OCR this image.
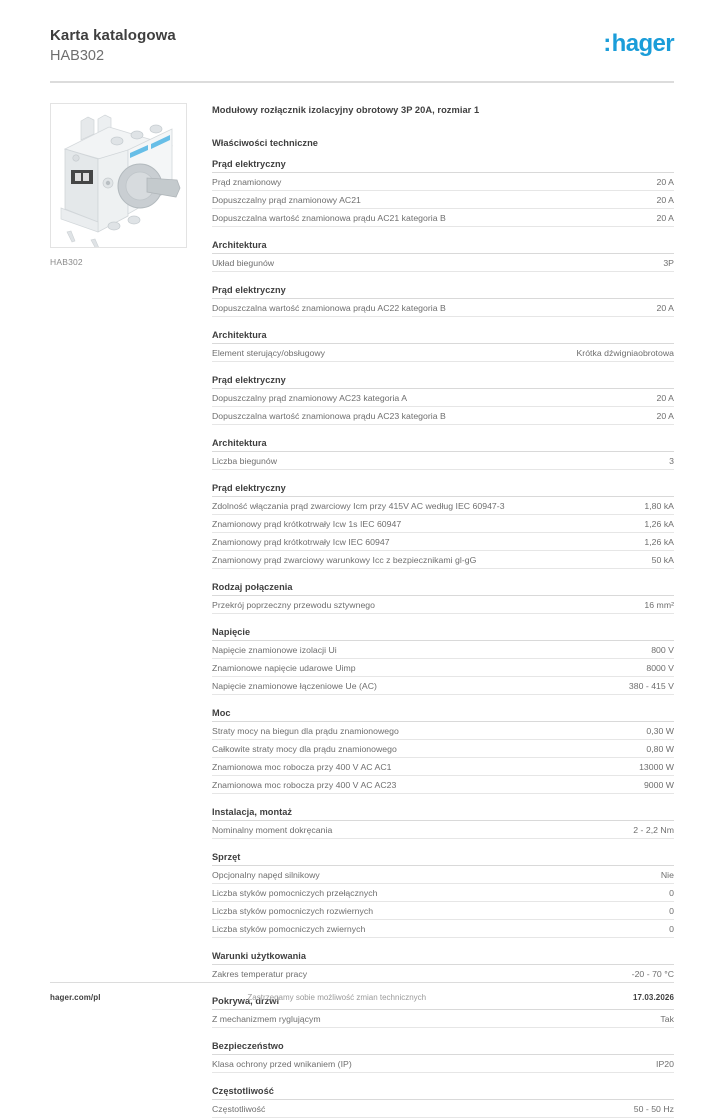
Karta katalogowa
HAB302	: hager
HAB302
Modułowy rozłącznik izolacyjny obrotowy 3P 20A, rozmiar 1
Właściwości techniczne
Prąd elektryczny
Prąd znamionowy	20 A
Dopuszczalny prąd znamionowy AC21	20 A
Dopuszczalna wartość znamionowa prądu AC21 kategoria B	20 A
Architektura
Układ biegunów	3P
Prąd elektryczny
Dopuszczalna wartość znamionowa prądu AC22 kategoria B	20 A
Architektura
Element sterujący/obsługowy	Krótka dźwigniaobrotowa
Prąd elektryczny
Dopuszczalny prąd znamionowy AC23 kategoria A	20 A
Dopuszczalna wartość znamionowa prądu AC23 kategoria B	20 A
Architektura
Liczba biegunów	3
Prąd elektryczny
Zdolność włączania prąd zwarciowy Icm przy 415V AC według IEC 60947-3	1,80 kA
Znamionowy prąd krótkotrwały Icw 1s IEC 60947	1,26 kA
Znamionowy prąd krótkotrwały Icw IEC 60947	1,26 kA
Znamionowy prąd zwarciowy warunkowy Icc z bezpiecznikami gl-gG	50 kA
Rodzaj połączenia
Przekrój poprzeczny przewodu sztywnego	16 mm²
Napięcie
Napięcie znamionowe izolacji Ui	800 V
Znamionowe napięcie udarowe Uimp	8000 V
Napięcie znamionowe łączeniowe Ue (AC)	380 - 415 V
Moc
Straty mocy na biegun dla prądu znamionowego	0,30 W
Całkowite straty mocy dla prądu znamionowego	0,80 W
Znamionowa moc robocza przy 400 V AC AC1	13000 W
Znamionowa moc robocza przy 400 V AC AC23	9000 W
Instalacja, montaż
Nominalny moment dokręcania	2 - 2,2 Nm
Sprzęt
Opcjonalny napęd silnikowy	Nie
Liczba styków pomocniczych przełącznych	0
Liczba styków pomocniczych rozwiernych	0
Liczba styków pomocniczych zwiernych	0
Warunki użytkowania
Zakres temperatur pracy	-20 - 70 °C
Pokrywa, drzwi
Z mechanizmem ryglującym	Tak
Bezpieczeństwo
Klasa ochrony przed wnikaniem (IP)	IP20
Częstotliwość
Częstotliwość	50 - 50 Hz
hager.com/pl	Zastrzegamy sobie możliwość zmian technicznych	17.03.2026
